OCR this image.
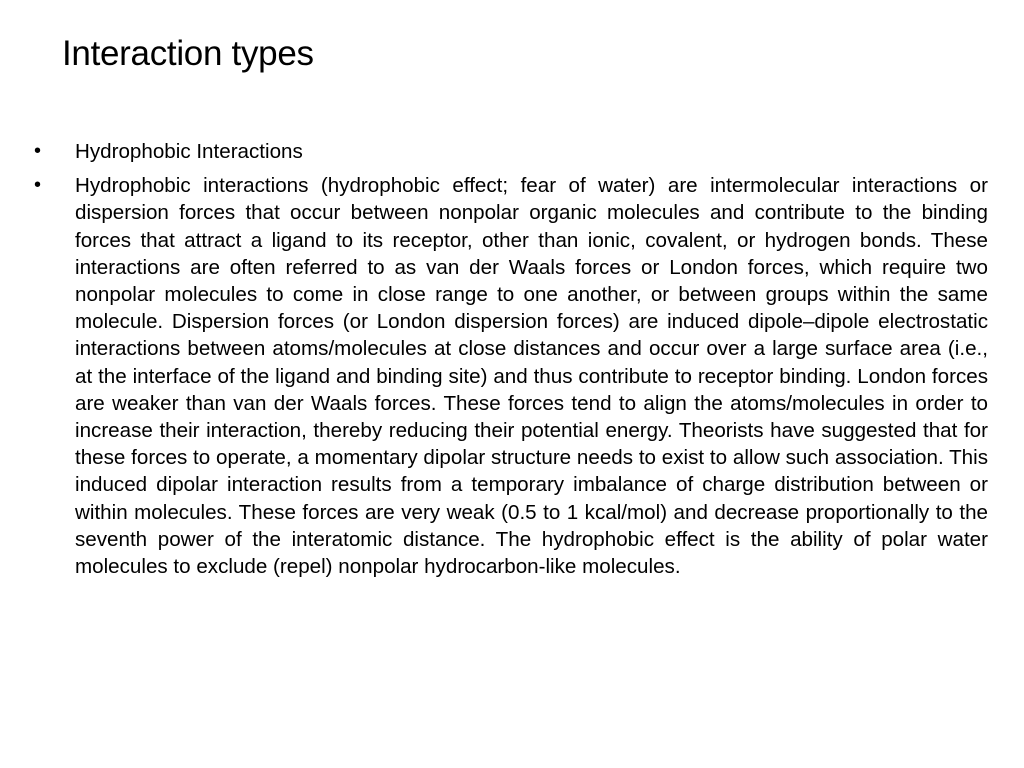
Interaction types
• Hydrophobic Interactions
• Hydrophobic interactions (hydrophobic effect; fear of water) are intermolecular interactions or dispersion forces that occur between nonpolar organic molecules and contribute to the binding forces that attract a ligand to its receptor, other than ionic, covalent, or hydrogen bonds. These interactions are often referred to as van der Waals forces or London forces, which require two nonpolar molecules to come in close range to one another, or between groups within the same molecule. Dispersion forces (or London dispersion forces) are induced dipole–dipole electrostatic interactions between atoms/molecules at close distances and occur over a large surface area (i.e., at the interface of the ligand and binding site) and thus contribute to receptor binding. London forces are weaker than van der Waals forces. These forces tend to align the atoms/molecules in order to increase their interaction, thereby reducing their potential energy. Theorists have suggested that for these forces to operate, a momentary dipolar structure needs to exist to allow such association. This induced dipolar interaction results from a temporary imbalance of charge distribution between or within molecules. These forces are very weak (0.5 to 1 kcal/mol) and decrease proportionally to the seventh power of the interatomic distance. The hydrophobic effect is the ability of polar water molecules to exclude (repel) nonpolar hydrocarbon-like molecules.
